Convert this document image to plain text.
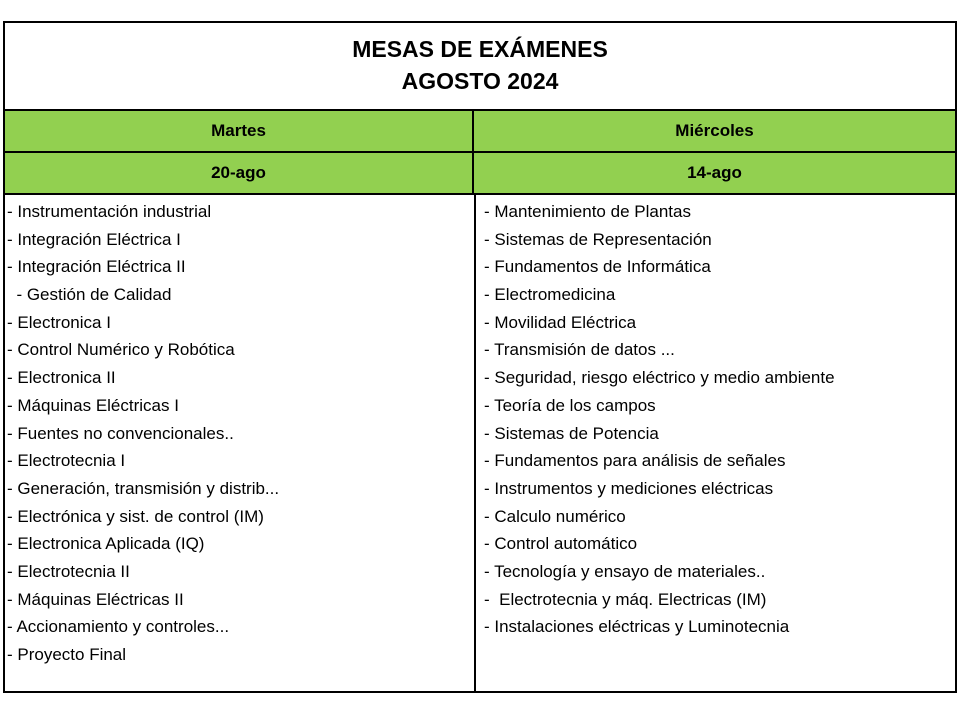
MESAS DE EXÁMENES
AGOSTO 2024
Martes	Miércoles
20-ago	14-ago
- Instrumentación industrial
- Integración Eléctrica I
- Integración Eléctrica II
- Gestión de Calidad
- Electronica I
- Control Numérico y Robótica
- Electronica II
- Máquinas Eléctricas I
- Fuentes no convencionales..
- Electrotecnia I
- Generación, transmisión y distrib...
- Electrónica y sist. de control (IM)
- Electronica Aplicada (IQ)
- Electrotecnia II
- Máquinas Eléctricas II
- Accionamiento y controles...
- Proyecto Final
- Mantenimiento de Plantas
- Sistemas de Representación
- Fundamentos de Informática
- Electromedicina
- Movilidad Eléctrica
- Transmisión de datos ...
- Seguridad, riesgo eléctrico y medio ambiente
- Teoría de los campos
- Sistemas de Potencia
- Fundamentos para análisis de señales
- Instrumentos y mediciones eléctricas
- Calculo numérico
- Control automático
- Tecnología y ensayo de materiales..
-  Electrotecnia y máq. Electricas (IM)
- Instalaciones eléctricas y Luminotecnia
